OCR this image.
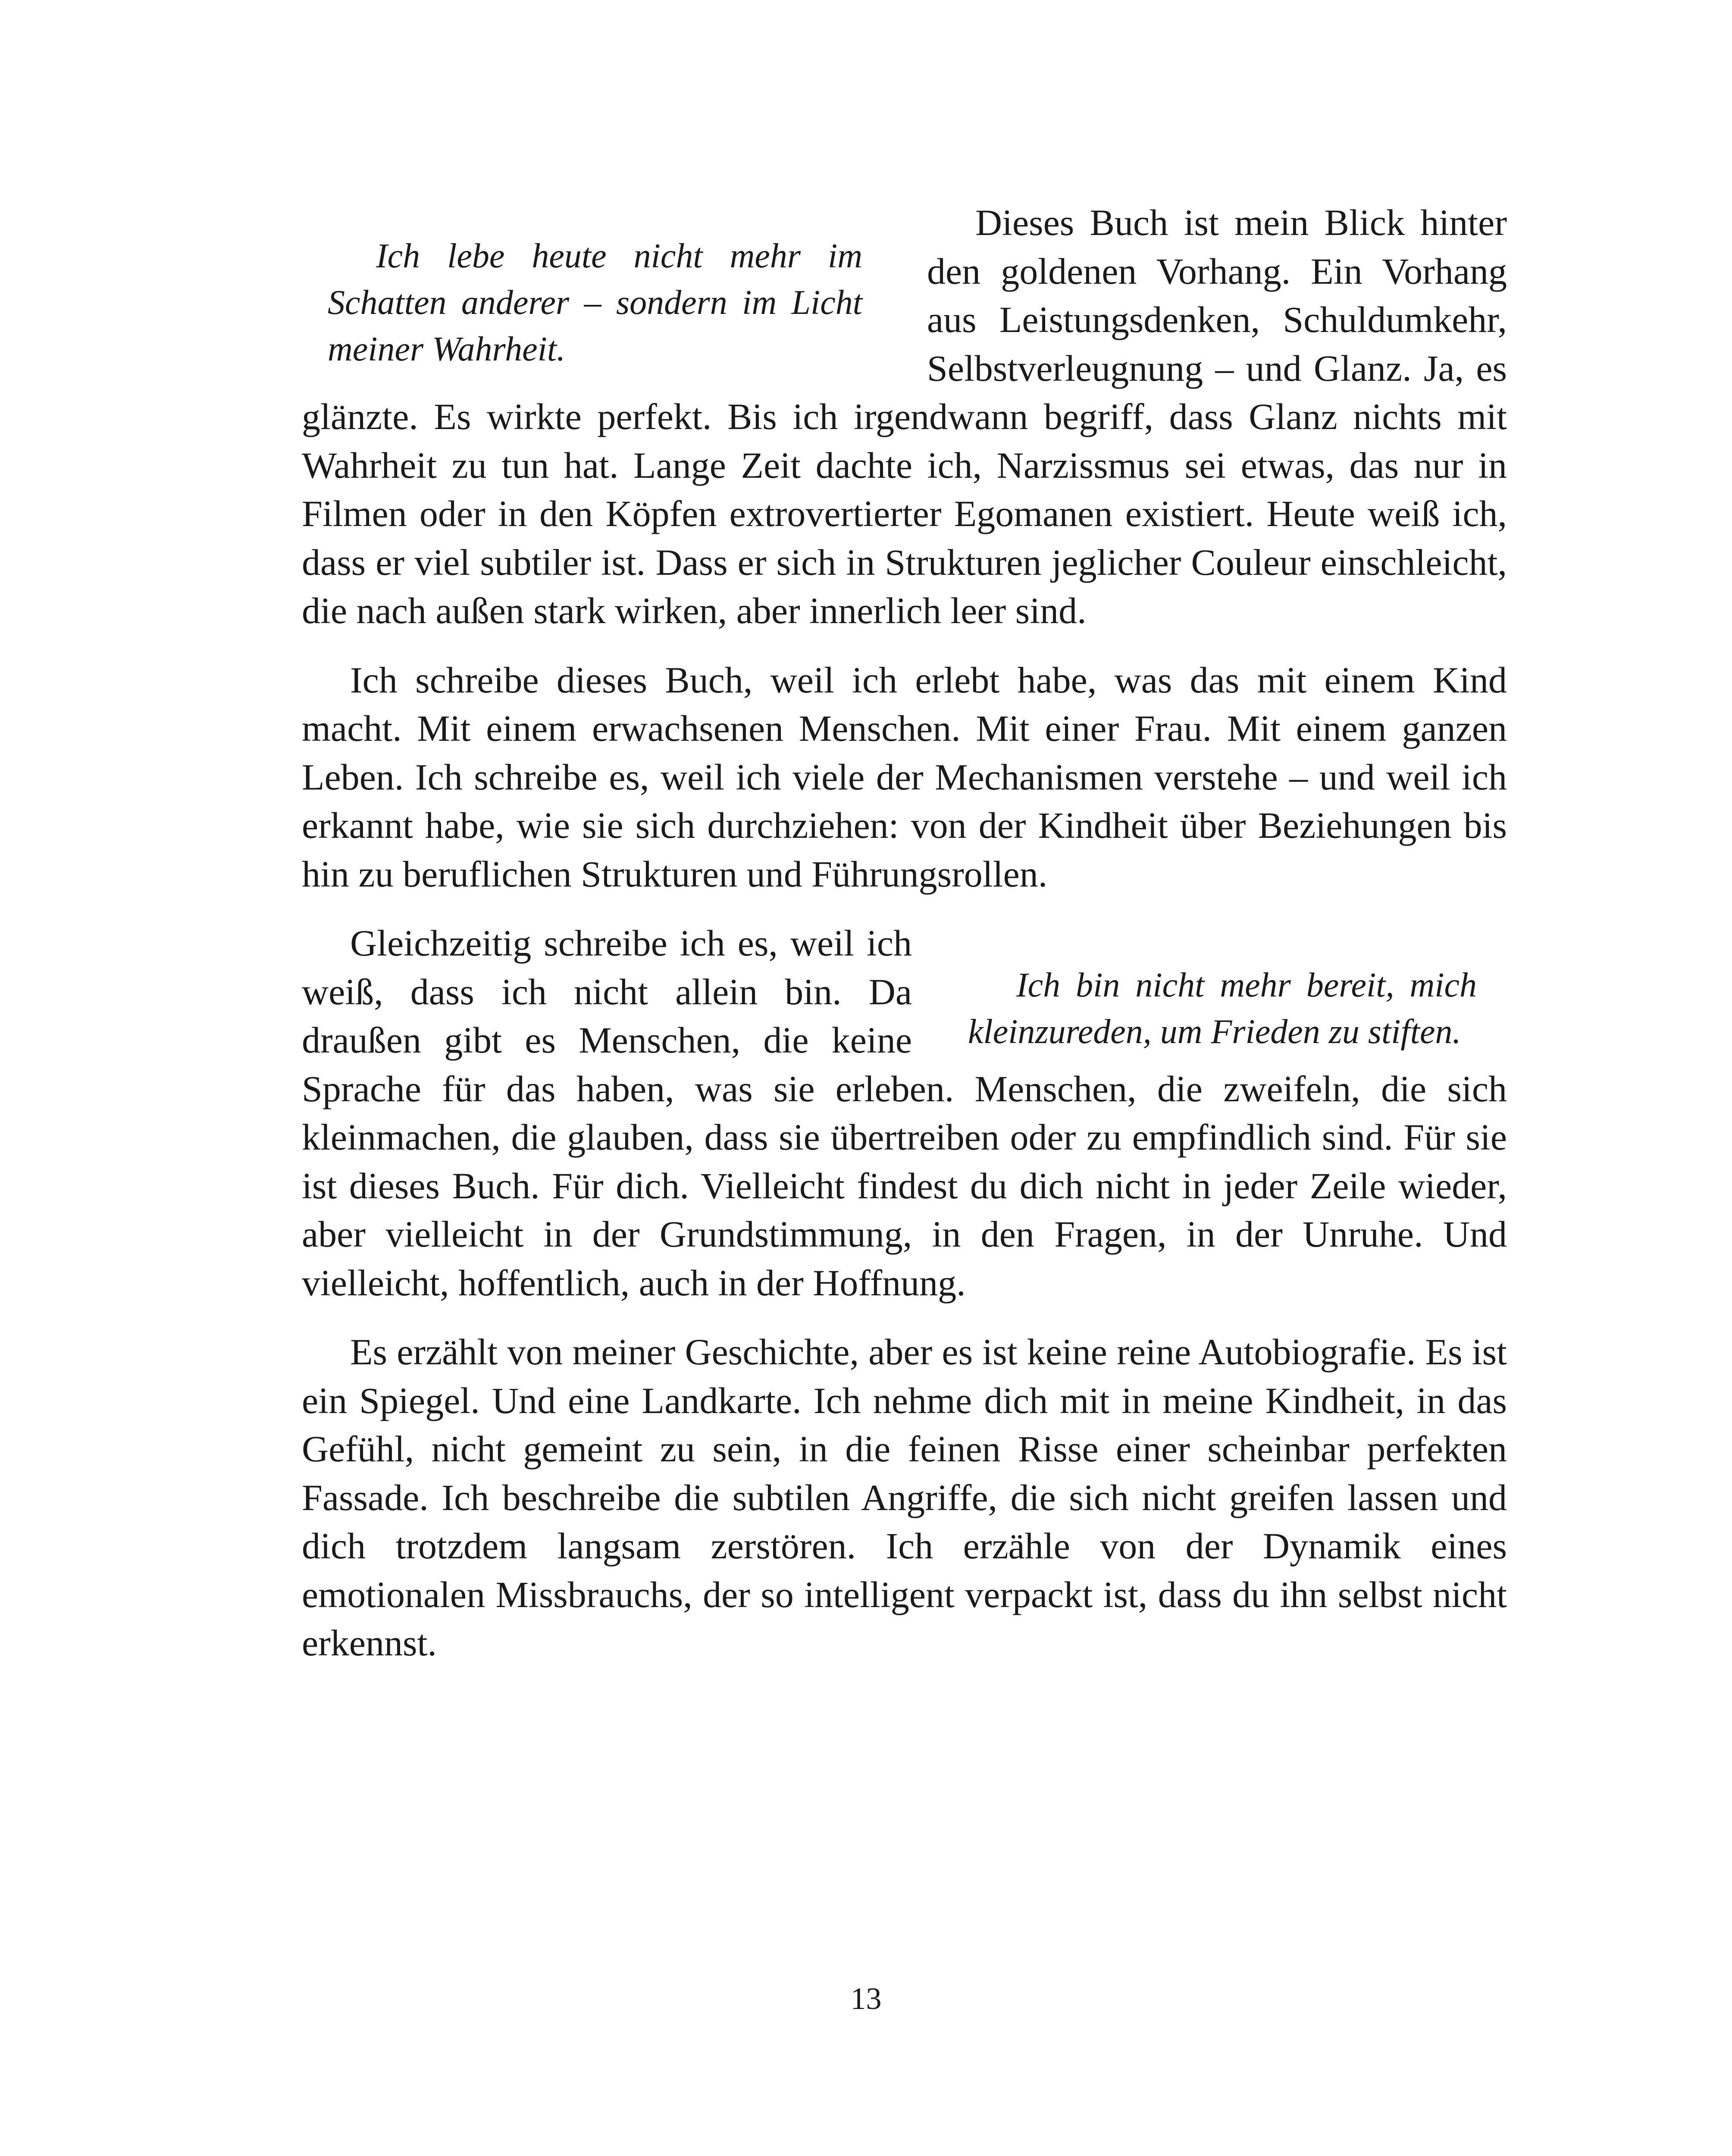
Ich lebe heute nicht mehr im Schatten anderer – sondern im Licht meiner Wahrheit.

Dieses Buch ist mein Blick hinter den goldenen Vorhang. Ein Vorhang aus Leistungsdenken, Schuldumkehr, Selbstverleugnung – und Glanz. Ja, es glänzte. Es wirkte perfekt. Bis ich irgendwann begriff, dass Glanz nichts mit Wahrheit zu tun hat. Lange Zeit dachte ich, Narzissmus sei etwas, das nur in Filmen oder in den Köpfen extrovertierter Egomanen existiert. Heute weiß ich, dass er viel subtiler ist. Dass er sich in Strukturen jeglicher Couleur einschleicht, die nach außen stark wirken, aber innerlich leer sind.

Ich schreibe dieses Buch, weil ich erlebt habe, was das mit einem Kind macht. Mit einem erwachsenen Menschen. Mit einer Frau. Mit einem ganzen Leben. Ich schreibe es, weil ich viele der Mechanismen verstehe – und weil ich erkannt habe, wie sie sich durchziehen: von der Kindheit über Beziehungen bis hin zu beruflichen Strukturen und Führungsrollen.

Ich bin nicht mehr bereit, mich kleinzureden, um Frieden zu stiften.

Gleichzeitig schreibe ich es, weil ich weiß, dass ich nicht allein bin. Da draußen gibt es Menschen, die keine Sprache für das haben, was sie erleben. Menschen, die zweifeln, die sich kleinmachen, die glauben, dass sie übertreiben oder zu empfindlich sind. Für sie ist dieses Buch. Für dich. Vielleicht findest du dich nicht in jeder Zeile wieder, aber vielleicht in der Grundstimmung, in den Fragen, in der Unruhe. Und vielleicht, hoffentlich, auch in der Hoffnung.

Es erzählt von meiner Geschichte, aber es ist keine reine Autobiografie. Es ist ein Spiegel. Und eine Landkarte. Ich nehme dich mit in meine Kindheit, in das Gefühl, nicht gemeint zu sein, in die feinen Risse einer scheinbar perfekten Fassade. Ich beschreibe die subtilen Angriffe, die sich nicht greifen lassen und dich trotzdem langsam zerstören. Ich erzähle von der Dynamik eines emotionalen Missbrauchs, der so intelligent verpackt ist, dass du ihn selbst nicht erkennst.

13
